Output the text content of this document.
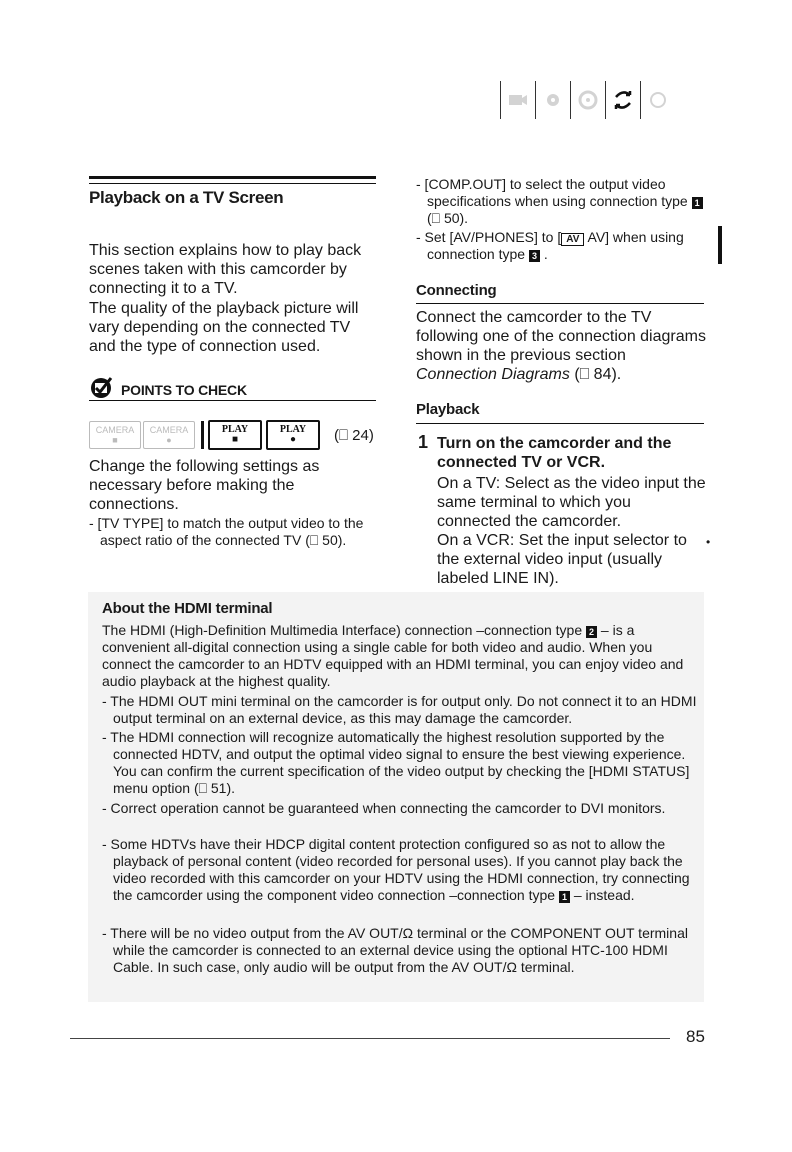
Playback on a TV Screen
This section explains how to play back scenes taken with this camcorder by connecting it to a TV.
The quality of the playback picture will vary depending on the connected TV and the type of connection used.
POINTS TO CHECK
CAMERA
■
CAMERA
●
PLAY
■
PLAY
●	(⎕ 24)
Change the following settings as necessary before making the connections.
- [TV TYPE] to match the output video to the aspect ratio of the connected TV (⎕ 50).
- [COMP.OUT] to select the output video specifications when using connection type 1 (⎕ 50).
- Set [AV/PHONES] to [ AV AV] when using connection type 3 .
Connecting
Connect the camcorder to the TV following one of the connection diagrams shown in the previous section Connection Diagrams (⎕ 84).
Playback
1 Turn on the camcorder and the connected TV or VCR.
On a TV: Select as the video input the same terminal to which you connected the camcorder.
On a VCR: Set the input selector to the external video input (usually labeled LINE IN).
•
About the HDMI terminal
The HDMI (High-Definition Multimedia Interface) connection –connection type 2 – is a convenient all-digital connection using a single cable for both video and audio. When you connect the camcorder to an HDTV equipped with an HDMI terminal, you can enjoy video and audio playback at the highest quality.
- The HDMI OUT mini terminal on the camcorder is for output only. Do not connect it to an HDMI output terminal on an external device, as this may damage the camcorder.
- The HDMI connection will recognize automatically the highest resolution supported by the connected HDTV, and output the optimal video signal to ensure the best viewing experience. You can confirm the current specification of the video output by checking the [HDMI STATUS] menu option (⎕ 51).
- Correct operation cannot be guaranteed when connecting the camcorder to DVI monitors.
- Some HDTVs have their HDCP digital content protection configured so as not to allow the playback of personal content (video recorded for personal uses). If you cannot play back the video recorded with this camcorder on your HDTV using the HDMI connection, try connecting the camcorder using the component video connection –connection type 1 – instead.
- There will be no video output from the AV OUT/Ω terminal or the COMPONENT OUT terminal while the camcorder is connected to an external device using the optional HTC-100 HDMI Cable. In such case, only audio will be output from the AV OUT/Ω terminal.
85
